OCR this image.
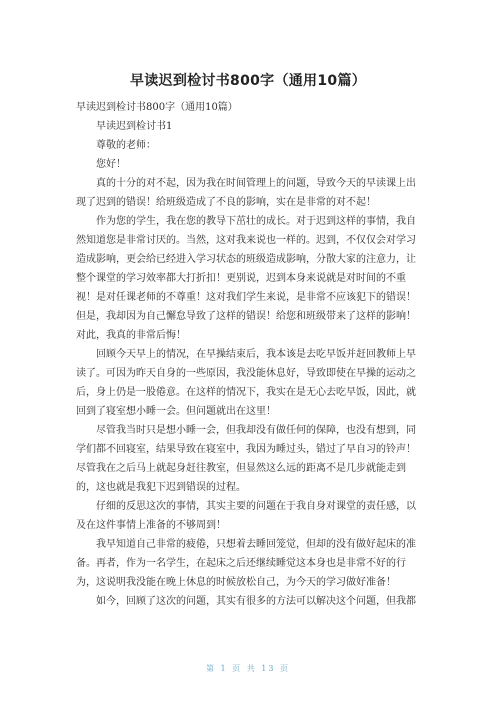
早读迟到检讨书800字（通用10篇）

早读迟到检讨书800字（通用10篇）

早读迟到检讨书1

尊敬的老师：

您好！

真的十分的对不起，因为我在时间管理上的问题，导致今天的早读课上出现了迟到的错误！给班级造成了不良的影响，实在是非常的对不起！

作为您的学生，我在您的教导下茁壮的成长。对于迟到这样的事情，我自然知道您是非常讨厌的。当然，这对我来说也一样的。迟到，不仅仅会对学习造成影响，更会给已经进入学习状态的班级造成影响，分散大家的注意力，让整个课堂的学习效率都大打折扣！更别说，迟到本身来说就是对时间的不重视！是对任课老师的不尊重！这对我们学生来说，是非常不应该犯下的错误！但是，我却因为自己懈怠导致了这样的错误！给您和班级带来了这样的影响！对此，我真的非常后悔！

回顾今天早上的情况，在早操结束后，我本该是去吃早饭并赶回教师上早读了。可因为昨天自身的一些原因，我没能休息好，导致即使在早操的运动之后，身上仍是一股倦意。在这样的情况下，我实在是无心去吃早饭，因此，就回到了寝室想小睡一会。但问题就出在这里！

尽管我当时只是想小睡一会，但我却没有做任何的保障，也没有想到，同学们都不回寝室，结果导致在寝室中，我因为睡过头，错过了早自习的铃声！尽管我在之后马上就起身赶往教室，但显然这么远的距离不是几步就能走到的，这也就是我犯下迟到错误的过程。

仔细的反思这次的事情，其实主要的问题在于我自身对课堂的责任感，以及在这件事情上准备的不够周到！

我早知道自己非常的疲倦，只想着去睡回笼觉，但却的没有做好起床的准备。再者，作为一名学生，在起床之后还继续睡觉这本身也是非常不好的行为，这说明我没能在晚上休息的时候放松自己，为今天的学习做好准备！

如今，回顾了这次的问题，其实有很多的方法可以解决这个问题，但我都

第 1 页 共 13 页
